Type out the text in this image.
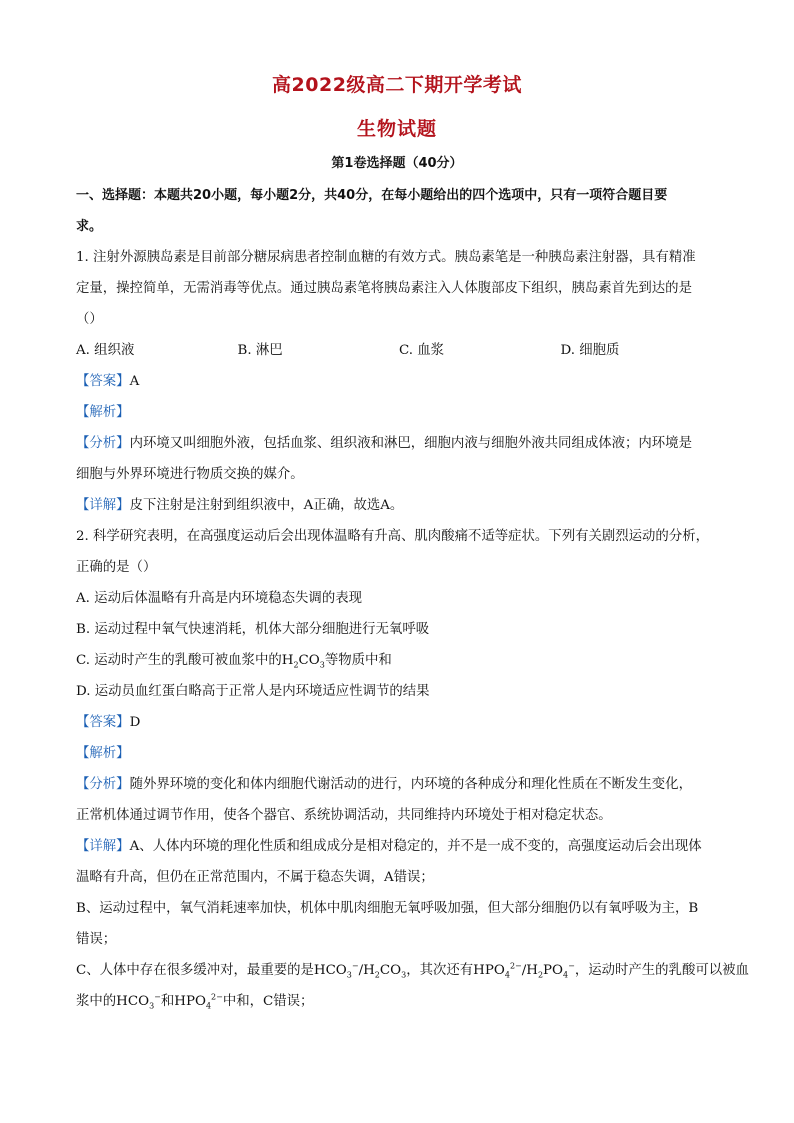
高2022级高二下期开学考试
生物试题
第1卷选择题（40分）
一、选择题：本题共20小题，每小题2分，共40分，在每小题给出的四个选项中，只有一项符合题目要
求。
1. 注射外源胰岛素是目前部分糖尿病患者控制血糖的有效方式。胰岛素笔是一种胰岛素注射器，具有精准
定量，操控简单，无需消毒等优点。通过胰岛素笔将胰岛素注入人体腹部皮下组织，胰岛素首先到达的是
（）
A. 组织液	B. 淋巴	C. 血浆	D. 细胞质
【答案】A
【解析】
【分析】内环境又叫细胞外液，包括血浆、组织液和淋巴，细胞内液与细胞外液共同组成体液；内环境是
细胞与外界环境进行物质交换的媒介。
【详解】皮下注射是注射到组织液中，A正确，故选A。
2. 科学研究表明，在高强度运动后会出现体温略有升高、肌肉酸痛不适等症状。下列有关剧烈运动的分析，
正确的是（）
A. 运动后体温略有升高是内环境稳态失调的表现
B. 运动过程中氧气快速消耗，机体大部分细胞进行无氧呼吸
C. 运动时产生的乳酸可被血浆中的$H_2CO_3$等物质中和
D. 运动员血红蛋白略高于正常人是内环境适应性调节的结果
【答案】D
【解析】
【分析】随外界环境的变化和体内细胞代谢活动的进行，内环境的各种成分和理化性质在不断发生变化，
正常机体通过调节作用，使各个器官、系统协调活动，共同维持内环境处于相对稳定状态。
【详解】A、人体内环境的理化性质和组成成分是相对稳定的，并不是一成不变的，高强度运动后会出现体
温略有升高，但仍在正常范围内，不属于稳态失调，A错误；
B、运动过程中，氧气消耗速率加快，机体中肌肉细胞无氧呼吸加强，但大部分细胞仍以有氧呼吸为主，B
错误；
C、人体中存在很多缓冲对，最重要的是$HCO_3^-/H_2CO_3$，其次还有$HPO_4^{2-}/H_2PO_4^-$，运动时产生的乳酸可以被血
浆中的$HCO_3^-$和$HPO_4^{2-}$中和，C错误；
